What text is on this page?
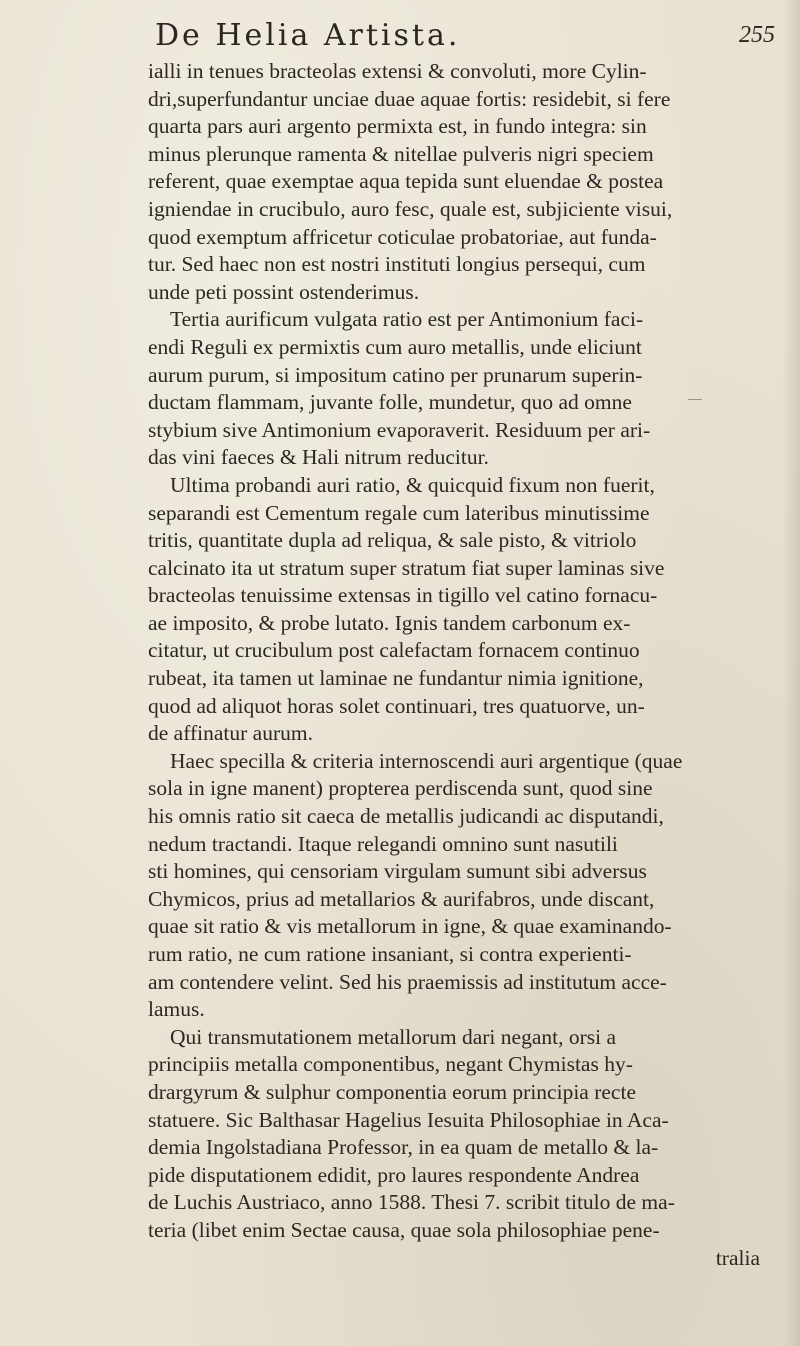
De Helia Artista.	255
ialli in tenues bracteolas extensi & convoluti, more Cylin-
dri,superfundantur unciae duae aquae fortis: residebit, si fere
quarta pars auri argento permixta est, in fundo integra: sin
minus plerunque ramenta & nitellae pulveris nigri speciem
referent, quae exemptae aqua tepida sunt eluendae & postea
igniendae in crucibulo, auro fesc, quale est, subjiciente visui,
quod exemptum affricetur coticulae probatoriae, aut funda-
tur. Sed haec non est nostri instituti longius persequi, cum
unde peti possint ostenderimus.
Tertia aurificum vulgata ratio est per Antimonium faci-
endi Reguli ex permixtis cum auro metallis, unde eliciunt
aurum purum, si impositum catino per prunarum superin-
ductam flammam, juvante folle, mundetur, quo ad omne
stybium sive Antimonium evaporaverit. Residuum per ari-
das vini faeces & Hali nitrum reducitur.
Ultima probandi auri ratio, & quicquid fixum non fuerit,
separandi est Cementum regale cum lateribus minutissime
tritis, quantitate dupla ad reliqua, & sale pisto, & vitriolo
calcinato ita ut stratum super stratum fiat super laminas sive
bracteolas tenuissime extensas in tigillo vel catino fornacu-
ae imposito, & probe lutato. Ignis tandem carbonum ex-
citatur, ut crucibulum post calefactam fornacem continuo
rubeat, ita tamen ut laminae ne fundantur nimia ignitione,
quod ad aliquot horas solet continuari, tres quatuorve, un-
de affinatur aurum.
Haec specilla & criteria internoscendi auri argentique (quae
sola in igne manent) propterea perdiscenda sunt, quod sine
his omnis ratio sit caeca de metallis judicandi ac disputandi,
nedum tractandi. Itaque relegandi omnino sunt nasutili
sti homines, qui censoriam virgulam sumunt sibi adversus
Chymicos, prius ad metallarios & aurifabros, unde discant,
quae sit ratio & vis metallorum in igne, & quae examinando-
rum ratio, ne cum ratione insaniant, si contra experienti-
am contendere velint. Sed his praemissis ad institutum acce-
lamus.
Qui transmutationem metallorum dari negant, orsi a
principiis metalla componentibus, negant Chymistas hy-
drargyrum & sulphur componentia eorum principia recte
statuere. Sic Balthasar Hagelius Iesuita Philosophiae in Aca-
demia Ingolstadiana Professor, in ea quam de metallo & la-
pide disputationem edidit, pro laures respondente Andrea
de Luchis Austriaco, anno 1588. Thesi 7. scribit titulo de ma-
teria (libet enim Sectae causa, quae sola philosophiae pene-
tralia
